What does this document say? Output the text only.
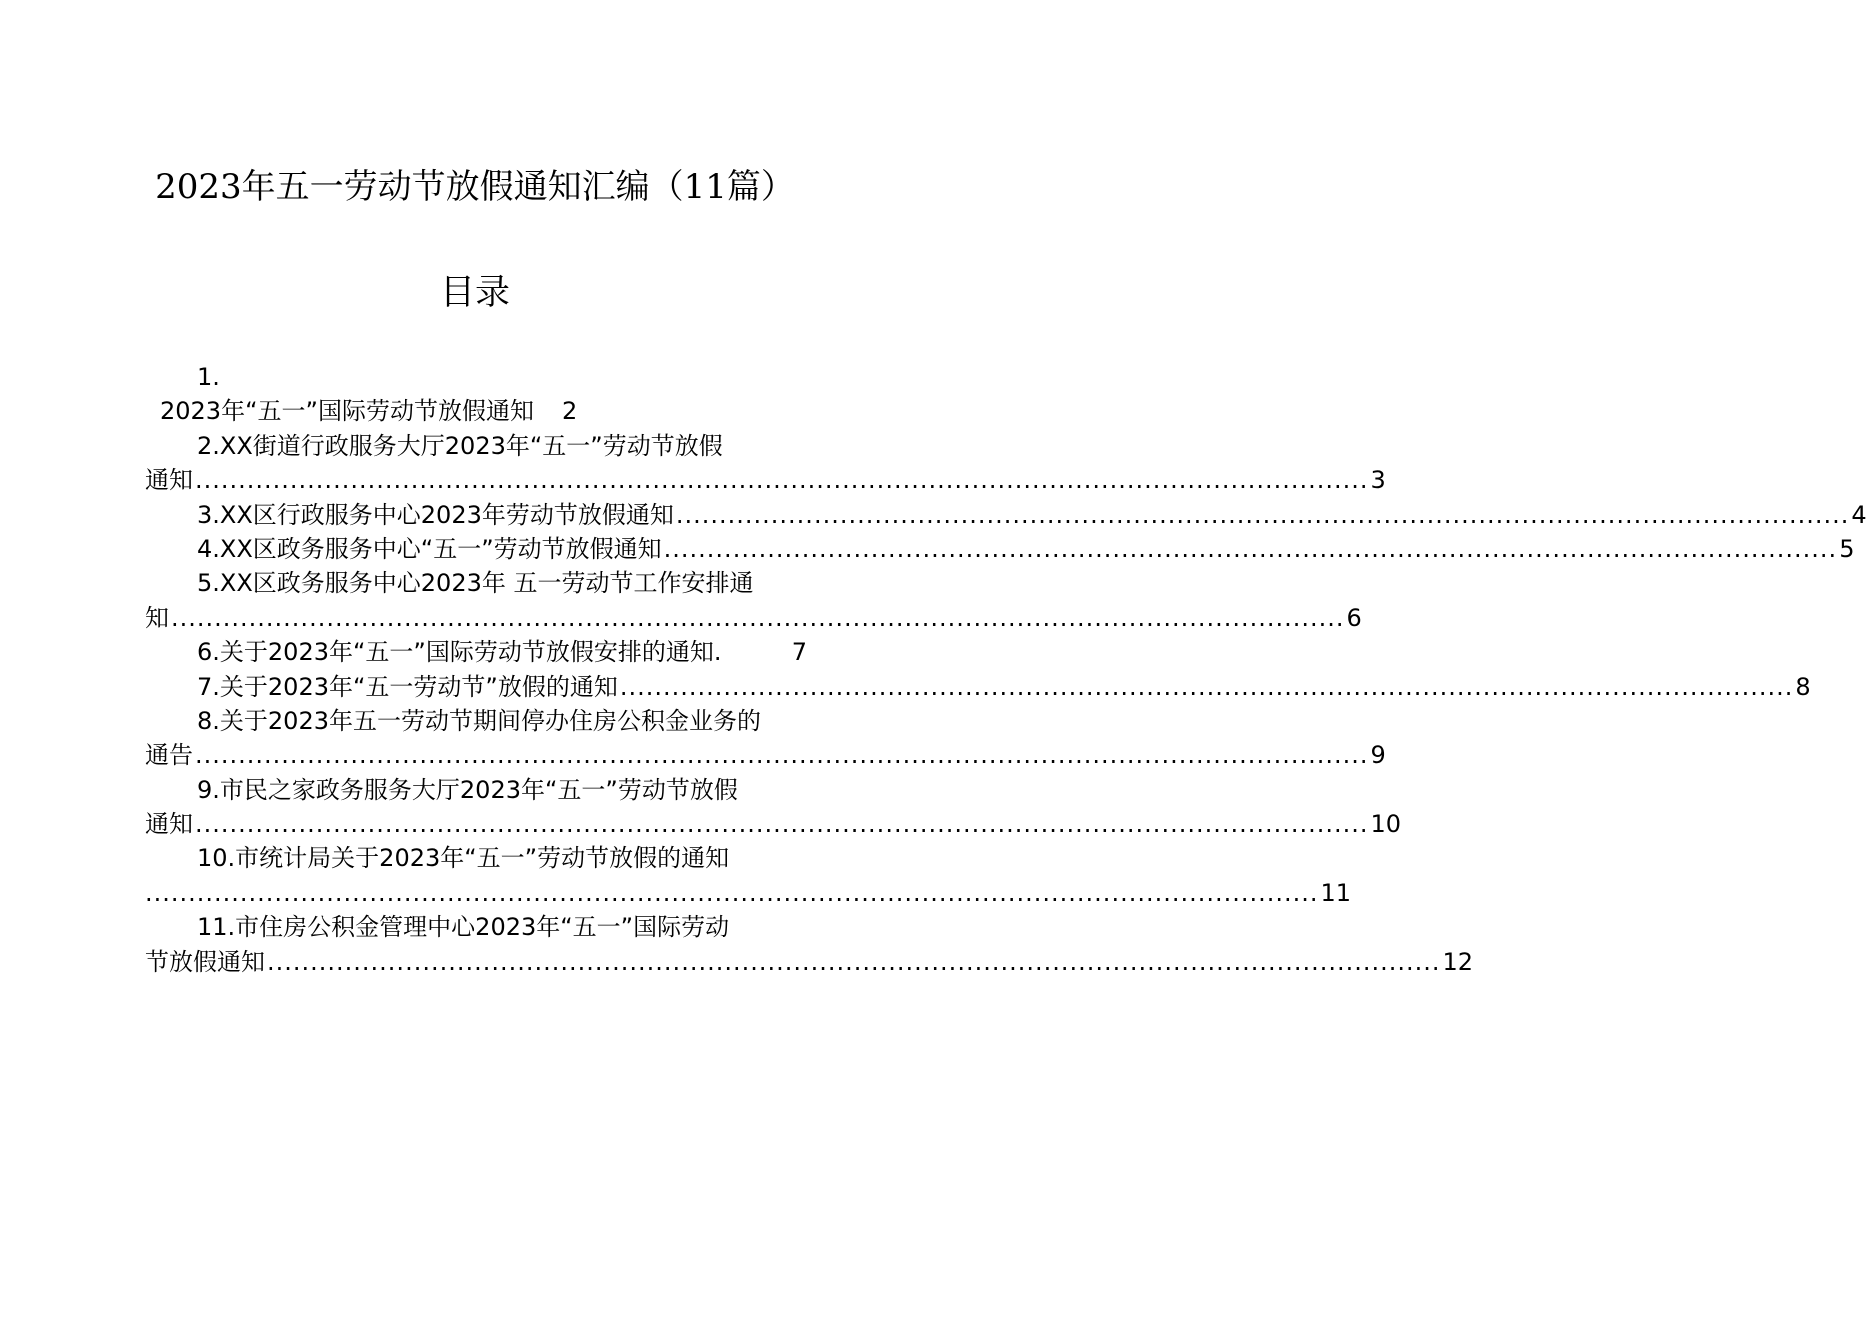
2023年五一劳动节放假通知汇编（11篇）
目录
1.
2023年“五一”国际劳动节放假通知 2
2. XX街道行政服务大厅2023年“五一”劳动节放假
通知 ........................................................................................................................................ 3
3. XX区行政服务中心2023年劳动节放假通知 ........................................................................................................................................ 4
4. XX区政务服务中心“五一”劳动节放假通知 ........................................................................................................................................ 5
5. XX区政务服务中心2023年 五一劳动节工作安排通
知 ........................................................................................................................................ 6
6. 关于2023年“五一”国际劳动节放假安排的通知 .	7
7. 关于2023年“五一劳动节”放假的通知 ........................................................................................................................................ 8
8. 关于2023年五一劳动节期间停办住房公积金业务的
通告 ........................................................................................................................................ 9
9. 市民之家政务服务大厅2023年“五一”劳动节放假
通知 ........................................................................................................................................ 10
10. 市统计局关于2023年“五一”劳动节放假的通知
........................................................................................................................................ 11
11. 市住房公积金管理中心2023年“五一”国际劳动
节放假通知 ........................................................................................................................................ 12
